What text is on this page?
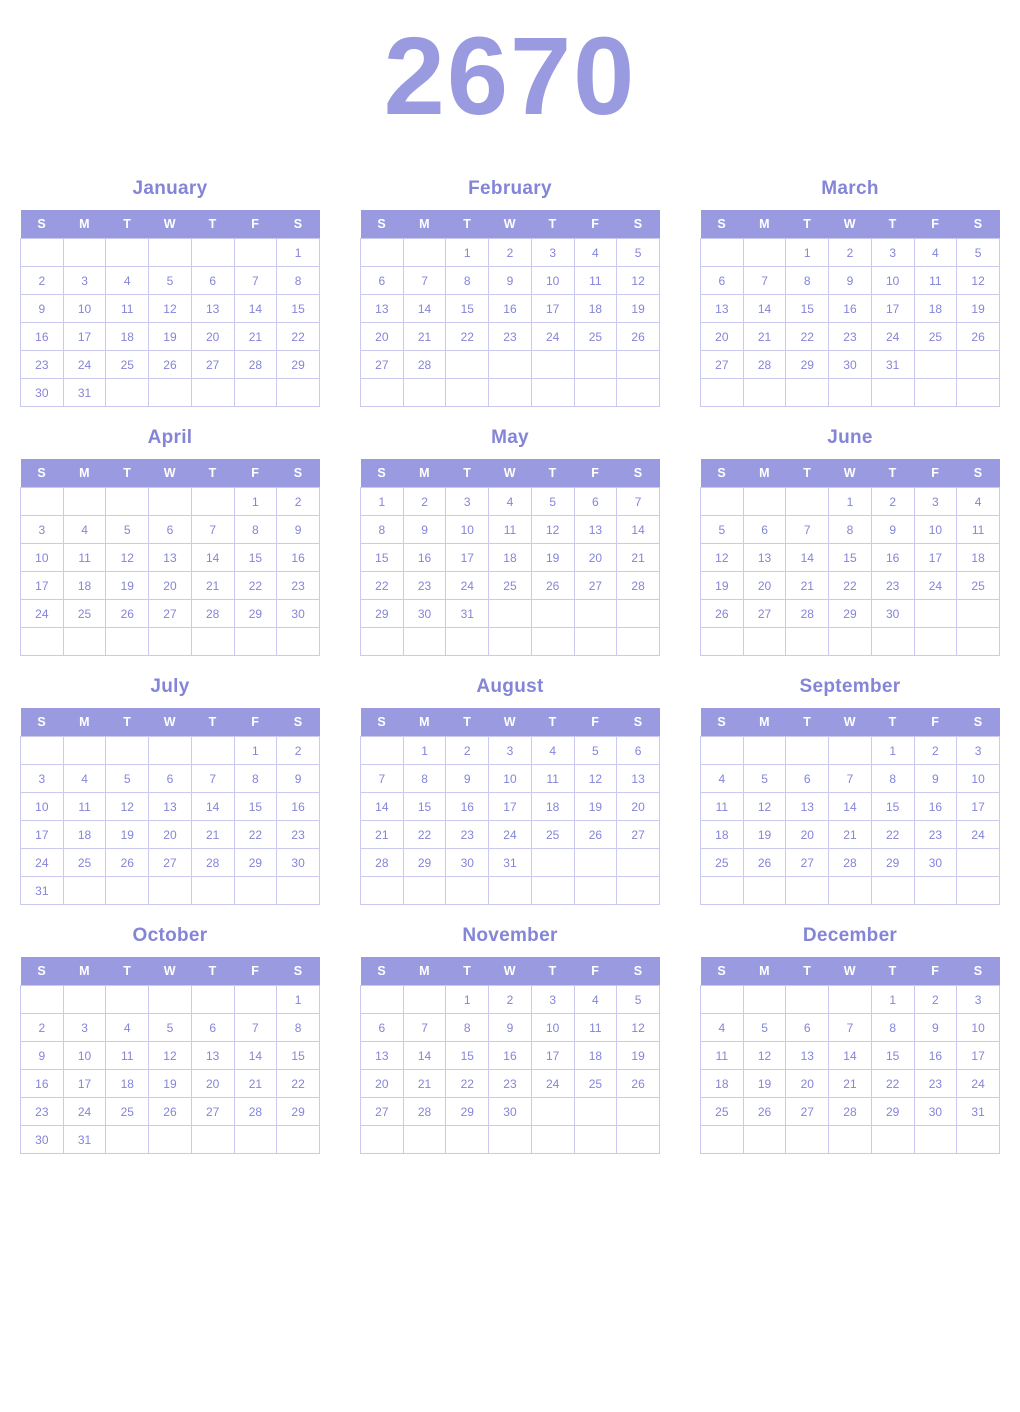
2670
January
S	M	T	W	T	F	S
						1
2	3	4	5	6	7	8
9	10	11	12	13	14	15
16	17	18	19	20	21	22
23	24	25	26	27	28	29
30	31					
February
S	M	T	W	T	F	S
		1	2	3	4	5
6	7	8	9	10	11	12
13	14	15	16	17	18	19
20	21	22	23	24	25	26
27	28					

March
S	M	T	W	T	F	S
		1	2	3	4	5
6	7	8	9	10	11	12
13	14	15	16	17	18	19
20	21	22	23	24	25	26
27	28	29	30	31		

April
S	M	T	W	T	F	S
					1	2
3	4	5	6	7	8	9
10	11	12	13	14	15	16
17	18	19	20	21	22	23
24	25	26	27	28	29	30

May
S	M	T	W	T	F	S
1	2	3	4	5	6	7
8	9	10	11	12	13	14
15	16	17	18	19	20	21
22	23	24	25	26	27	28
29	30	31				

June
S	M	T	W	T	F	S
			1	2	3	4
5	6	7	8	9	10	11
12	13	14	15	16	17	18
19	20	21	22	23	24	25
26	27	28	29	30		

July
S	M	T	W	T	F	S
					1	2
3	4	5	6	7	8	9
10	11	12	13	14	15	16
17	18	19	20	21	22	23
24	25	26	27	28	29	30
31						
August
S	M	T	W	T	F	S
	1	2	3	4	5	6
7	8	9	10	11	12	13
14	15	16	17	18	19	20
21	22	23	24	25	26	27
28	29	30	31			

September
S	M	T	W	T	F	S
				1	2	3
4	5	6	7	8	9	10
11	12	13	14	15	16	17
18	19	20	21	22	23	24
25	26	27	28	29	30	

October
S	M	T	W	T	F	S
						1
2	3	4	5	6	7	8
9	10	11	12	13	14	15
16	17	18	19	20	21	22
23	24	25	26	27	28	29
30	31					
November
S	M	T	W	T	F	S
		1	2	3	4	5
6	7	8	9	10	11	12
13	14	15	16	17	18	19
20	21	22	23	24	25	26
27	28	29	30			

December
S	M	T	W	T	F	S
				1	2	3
4	5	6	7	8	9	10
11	12	13	14	15	16	17
18	19	20	21	22	23	24
25	26	27	28	29	30	31
